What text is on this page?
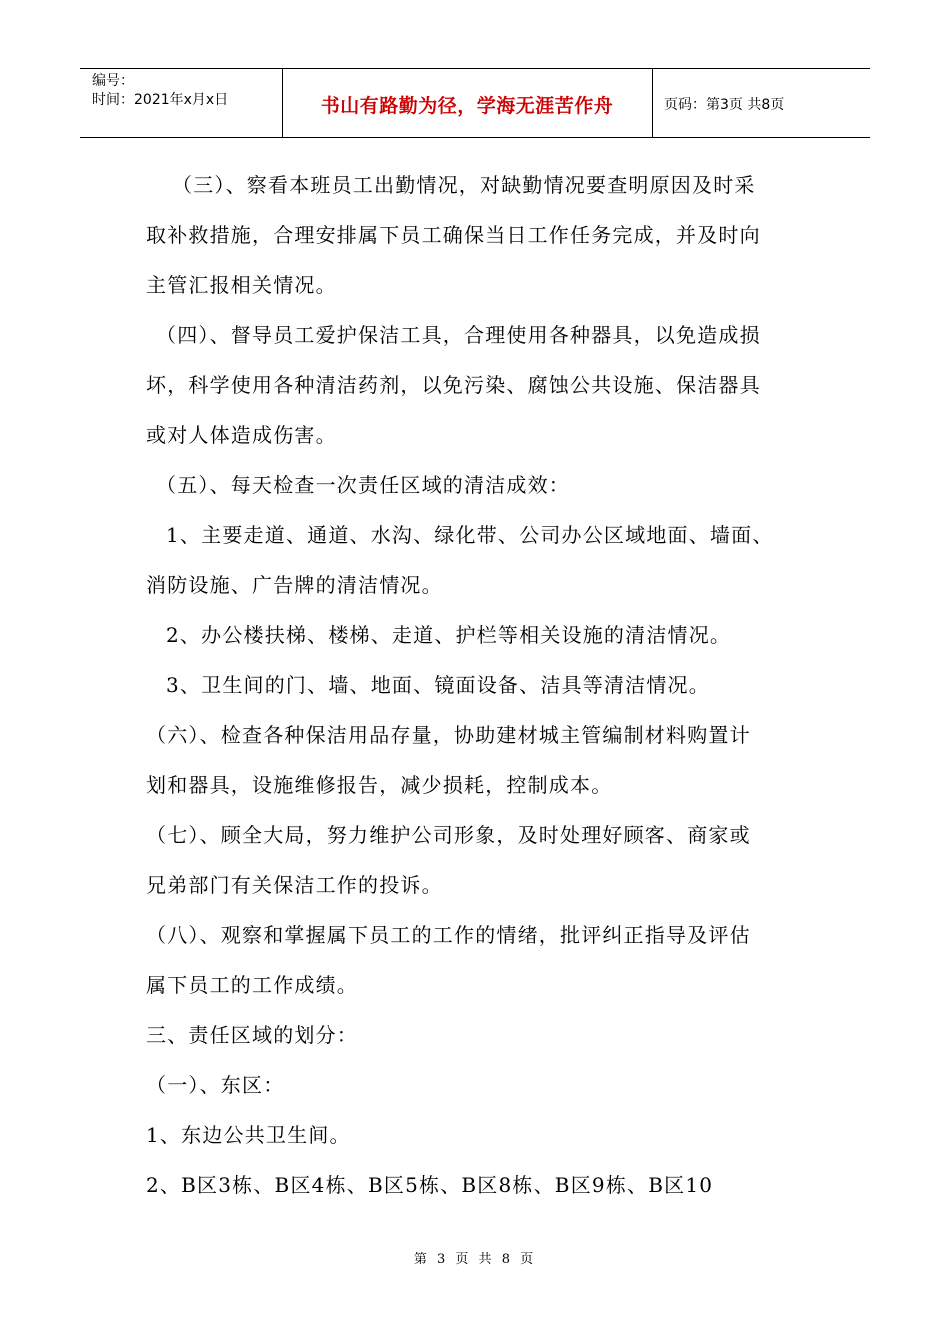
编号：
时间：2021年x月x日	书山有路勤为径，学海无涯苦作舟	页码：第3页 共8页
（三）、察看本班员工出勤情况，对缺勤情况要查明原因及时采
取补救措施，合理安排属下员工确保当日工作任务完成，并及时向
主管汇报相关情况。
（四）、督导员工爱护保洁工具，合理使用各种器具，以免造成损
坏，科学使用各种清洁药剂，以免污染、腐蚀公共设施、保洁器具
或对人体造成伤害。
（五）、每天检查一次责任区域的清洁成效：
1、主要走道、通道、水沟、绿化带、公司办公区域地面、墙面、
消防设施、广告牌的清洁情况。
2、办公楼扶梯、楼梯、走道、护栏等相关设施的清洁情况。
3、卫生间的门、墙、地面、镜面设备、洁具等清洁情况。
（六）、检查各种保洁用品存量，协助建材城主管编制材料购置计
划和器具，设施维修报告，减少损耗，控制成本。
（七）、顾全大局，努力维护公司形象，及时处理好顾客、商家或
兄弟部门有关保洁工作的投诉。
（八）、观察和掌握属下员工的工作的情绪，批评纠正指导及评估
属下员工的工作成绩。
三、责任区域的划分：
（一）、东区：
1、东边公共卫生间。
2、B区3栋、B区4栋、B区5栋、B区8栋、B区9栋、B区10
第 3 页 共 8 页
